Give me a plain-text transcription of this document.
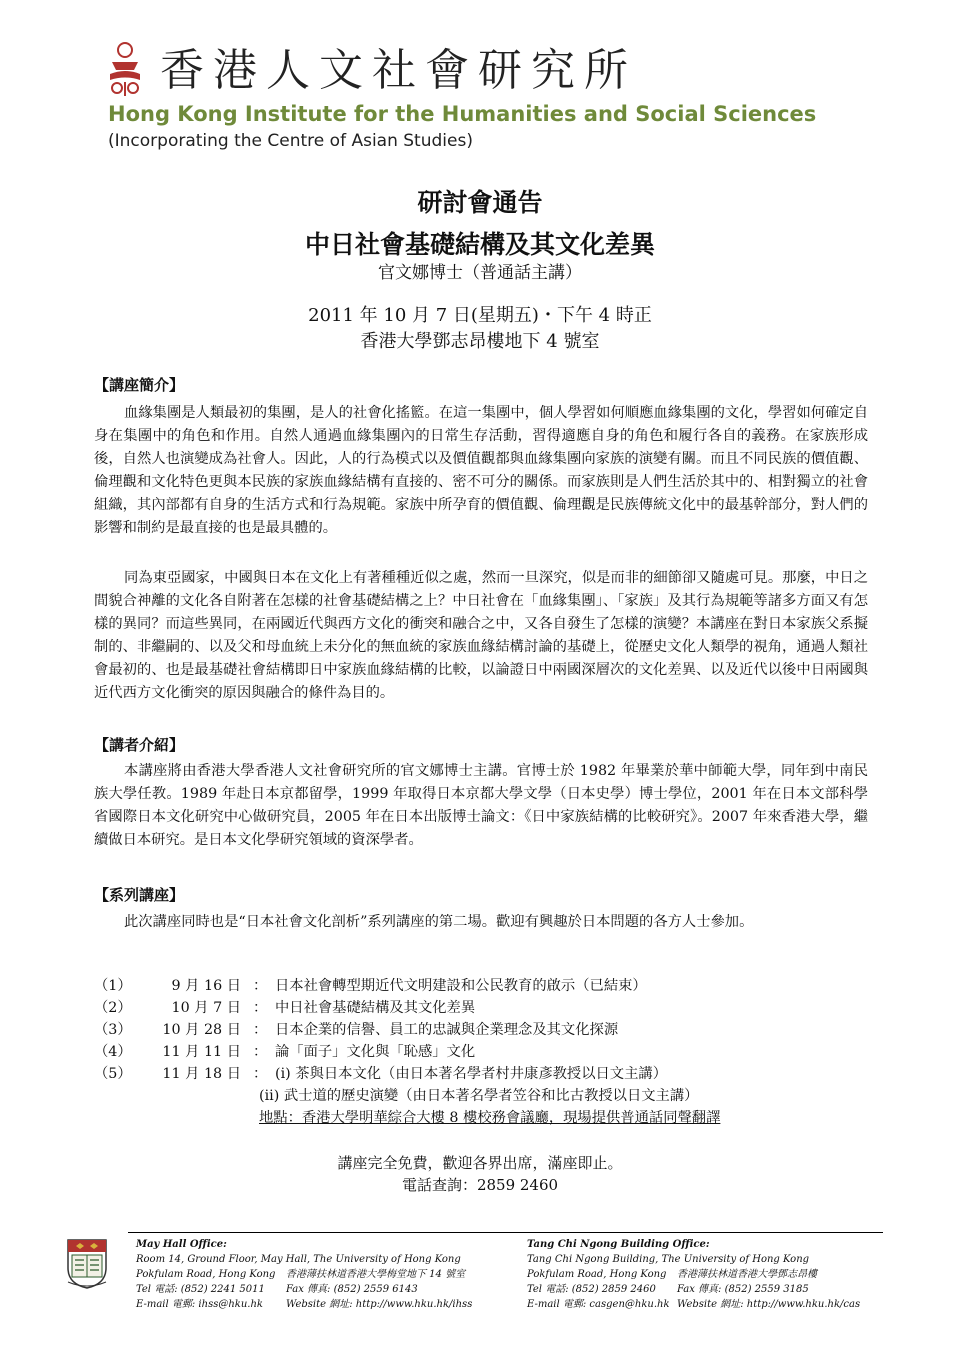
香港人文社會研究所
Hong Kong Institute for the Humanities and Social Sciences
(Incorporating the Centre of Asian Studies)
研討會通告
中日社會基礎結構及其文化差異
官文娜博士（普通話主講）
2011 年 10 月 7 日(星期五)・下午 4 時正
香港大學鄧志昂樓地下 4 號室
【講座簡介】

血緣集團是人類最初的集團，是人的社會化搖籃。在這一集團中，個人學習如何順應血緣集團的文化，學習如何確定自身在集團中的角色和作用。自然人通過血緣集團內的日常生存活動，習得適應自身的角色和履行各自的義務。在家族形成後，自然人也演變成為社會人。因此，人的行為模式以及價值觀都與血緣集團向家族的演變有關。而且不同民族的價值觀、倫理觀和文化特色更與本民族的家族血緣結構有直接的、密不可分的關係。而家族則是人們生活於其中的、相對獨立的社會組織，其內部都有自身的生活方式和行為規範。家族中所孕育的價值觀、倫理觀是民族傳統文化中的最基幹部分，對人們的影響和制約是最直接的也是最具體的。

同為東亞國家，中國與日本在文化上有著種種近似之處，然而一旦深究，似是而非的細節卻又隨處可見。那麼，中日之間貌合神離的文化各自附著在怎樣的社會基礎結構之上？中日社會在「血緣集團」、「家族」及其行為規範等諸多方面又有怎樣的異同？而這些異同，在兩國近代與西方文化的衝突和融合之中，又各自發生了怎樣的演變？本講座在對日本家族父系擬制的、非繼嗣的、以及父和母血統上未分化的無血統的家族血緣結構討論的基礎上，從歷史文化人類學的視角，通過人類社會最初的、也是最基礎社會結構即日中家族血緣結構的比較，以論證日中兩國深層次的文化差異、以及近代以後中日兩國與近代西方文化衝突的原因與融合的條件為目的。

【講者介紹】

本講座將由香港大學香港人文社會研究所的官文娜博士主講。官博士於 1982 年畢業於華中師範大學，同年到中南民族大學任教。1989 年赴日本京都留學，1999 年取得日本京都大學文學（日本史學）博士學位，2001 年在日本文部科學省國際日本文化研究中心做研究員，2005 年在日本出版博士論文：《日中家族結構的比較研究》。2007 年來香港大學，繼續做日本研究。是日本文化學研究領域的資深學者。

【系列講座】

此次講座同時也是“日本社會文化剖析”系列講座的第二場。歡迎有興趣於日本問題的各方人士參加。

（1）	9 月 16 日 ： 日本社會轉型期近代文明建設和公民教育的啟示（已結束）
（2）	10 月 7 日 ： 中日社會基礎結構及其文化差異
（3）	10 月 28 日 ： 日本企業的信譽、員工的忠誠與企業理念及其文化探源
（4）	11 月 11 日 ： 論「面子」文化與「恥感」文化
（5）	11 月 18 日 ： (i) 茶與日本文化（由日本著名學者村井康彥教授以日文主講）
(ii) 武士道的歷史演變（由日本著名學者笠谷和比古教授以日文主講）
地點：香港大學明華綜合大樓 8 樓校務會議廳，現場提供普通話同聲翻譯
講座完全免費，歡迎各界出席，滿座即止。
電話查詢：2859 2460
May Hall Office:
Room 14, Ground Floor, May Hall, The University of Hong Kong
Pokfulam Road, Hong Kong	香港薄扶林道香港大學梅堂地下 14 號室
Tel 電話: (852) 2241 5011	Fax 傳真: (852) 2559 6143
E-mail 電郵: ihss@hku.hk	Website 網址: http://www.hku.hk/ihss
Tang Chi Ngong Building Office:
Tang Chi Ngong Building, The University of Hong Kong
Pokfulam Road, Hong Kong	香港薄扶林道香港大學鄧志昂樓
Tel 電話: (852) 2859 2460	Fax 傳真: (852) 2559 3185
E-mail 電郵: casgen@hku.hk Website 網址: http://www.hku.hk/cas
